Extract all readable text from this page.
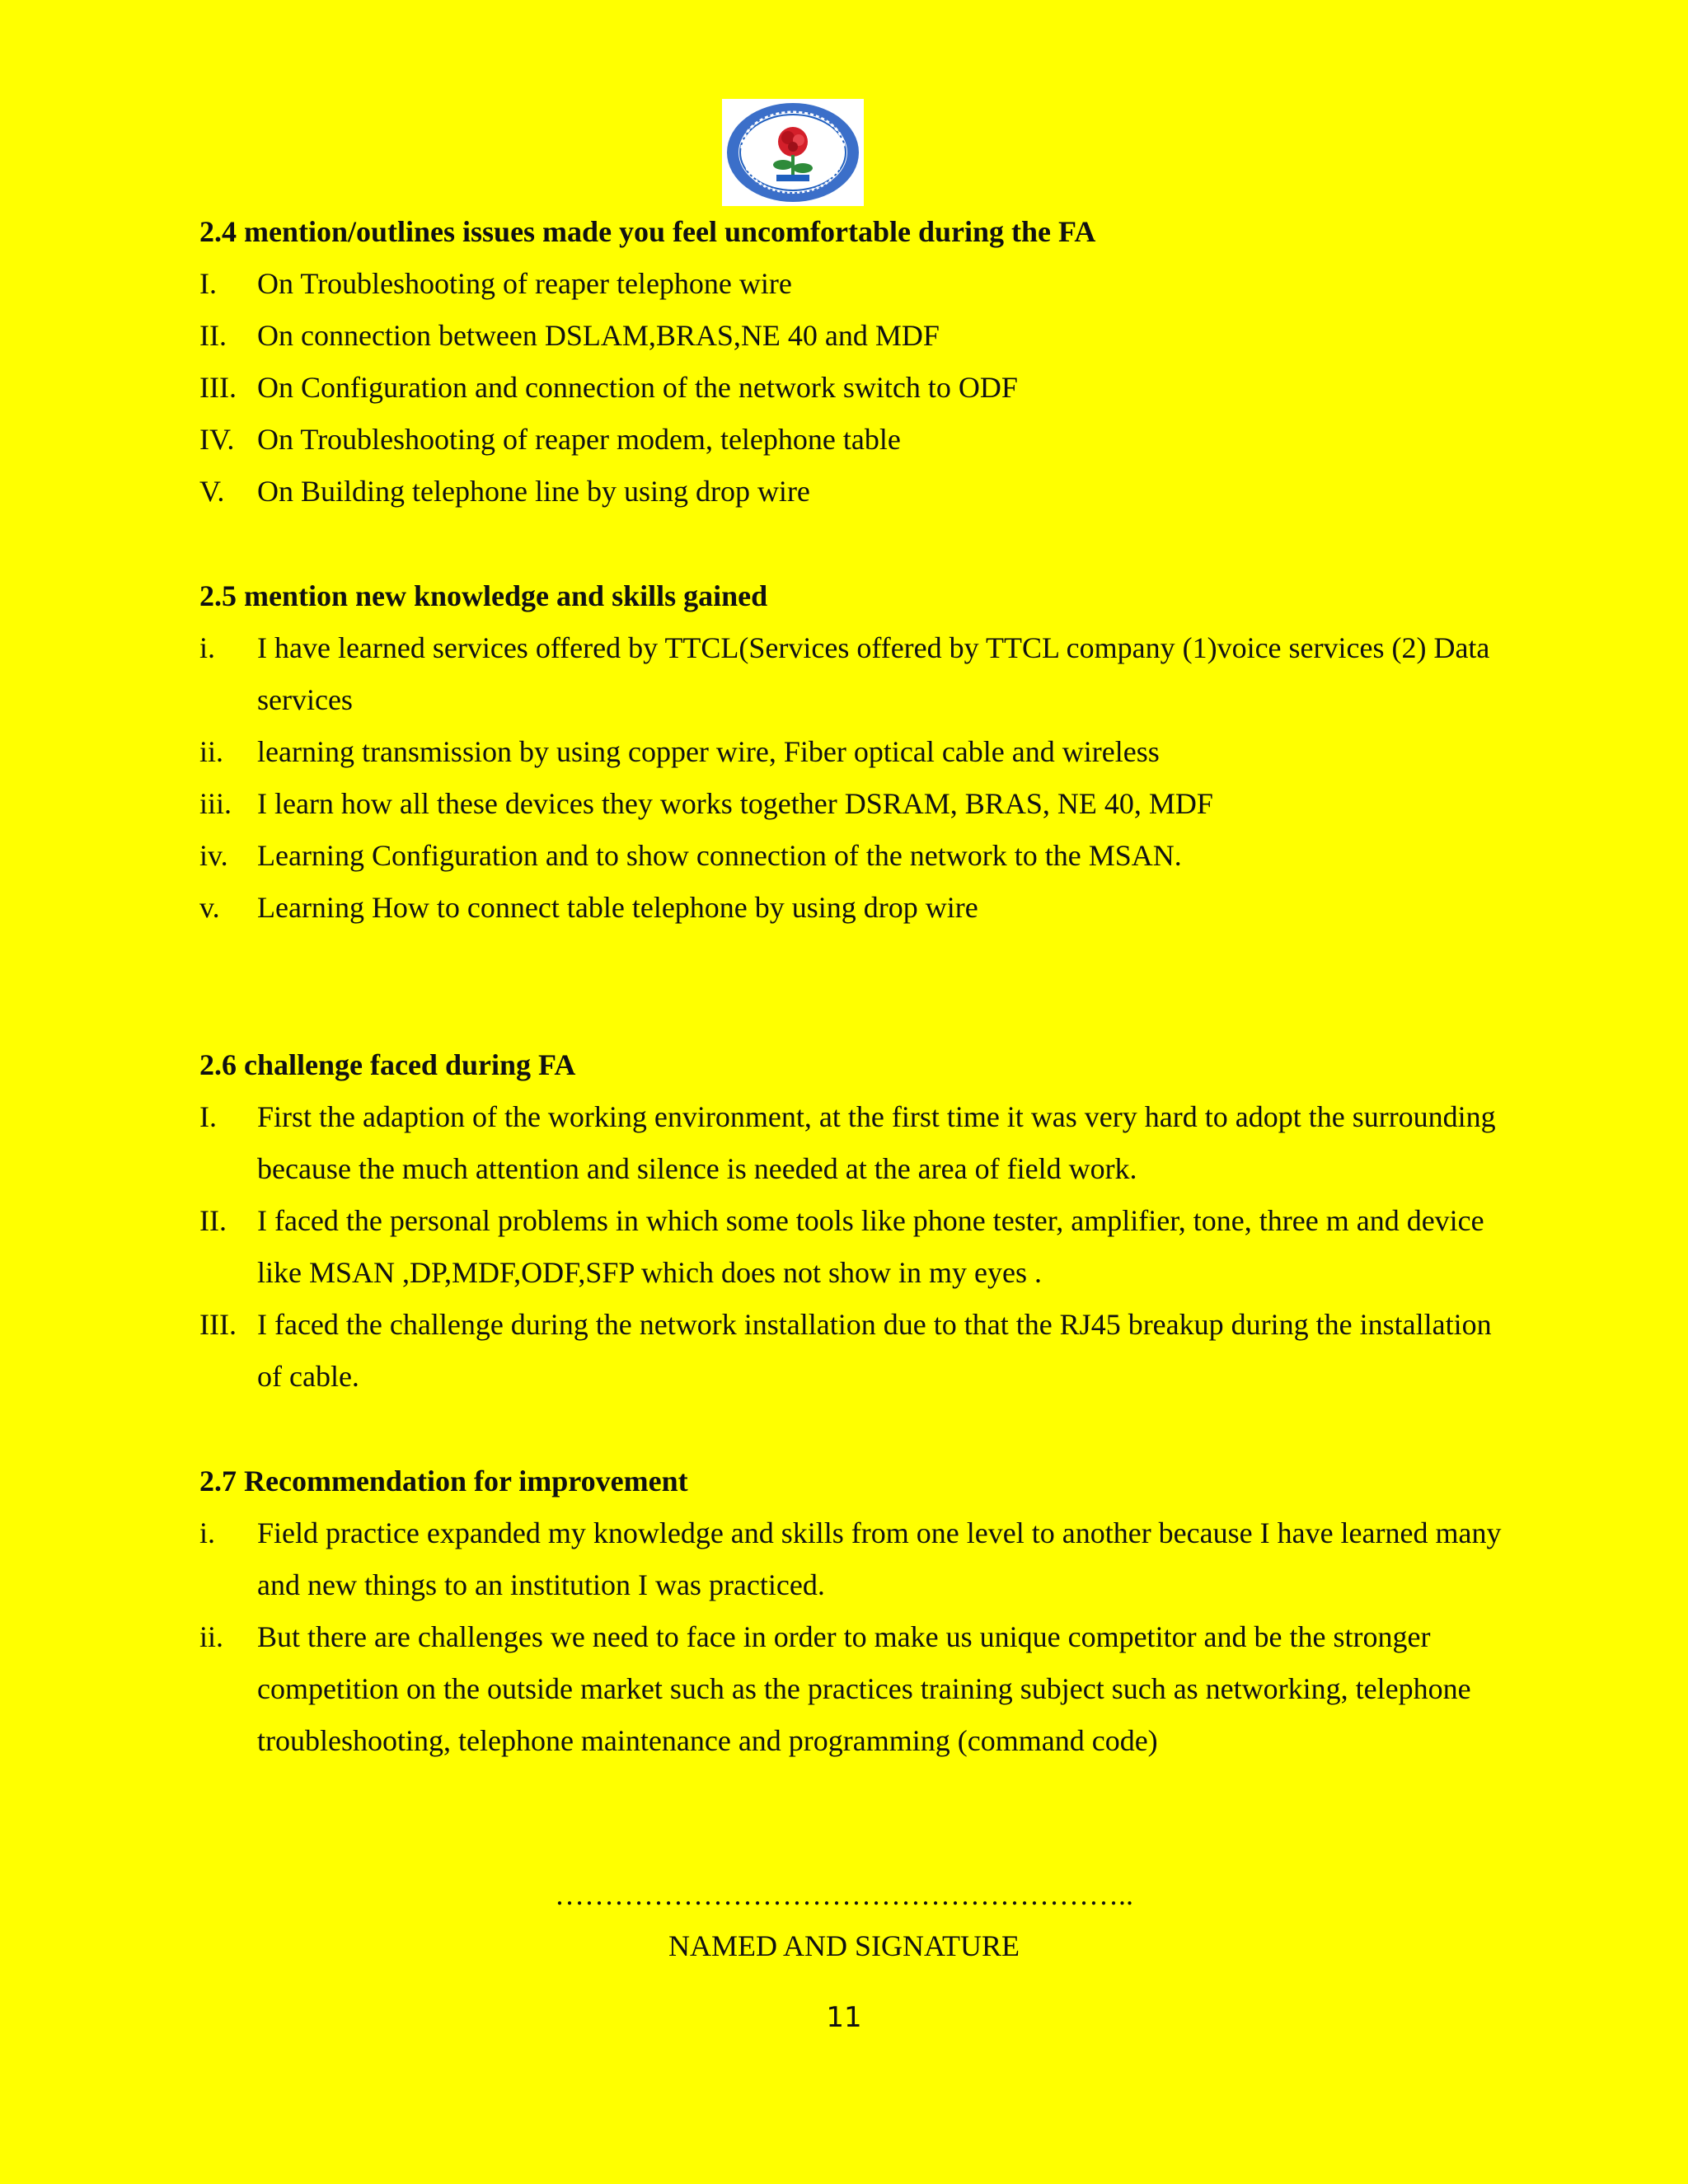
2.4 mention/outlines issues made you feel uncomfortable during the FA
I. On Troubleshooting of reaper telephone wire
II. On connection between DSLAM,BRAS,NE 40 and MDF
III. On Configuration and connection of the network switch to ODF
IV. On Troubleshooting of reaper modem, telephone table
V. On Building telephone line by using drop wire
2.5 mention new knowledge and skills gained
i. I have learned services offered by TTCL(Services offered by TTCL company (1)voice services (2) Data services
ii. learning transmission by using copper wire, Fiber optical cable and wireless
iii. I learn how all these devices they works together DSRAM, BRAS, NE 40, MDF
iv. Learning Configuration and to show connection of the network to the MSAN.
v. Learning How to connect table telephone by using drop wire
2.6 challenge faced during FA
I. First the adaption of the working environment, at the first time it was very hard to adopt the surrounding because the much attention and silence is needed at the area of field work.
II. I faced the personal problems in which some tools like phone tester, amplifier, tone, three m and device like MSAN ,DP,MDF,ODF,SFP which does not show in my eyes .
III. I faced the challenge during the network installation due to that the RJ45 breakup during the installation of cable.
2.7 Recommendation for improvement
i. Field practice expanded my knowledge and skills from one level to another because I have learned many and new things to an institution I was practiced.
ii. But there are challenges we need to face in order to make us unique competitor and be the stronger competition on the outside market such as the practices training subject such as networking, telephone troubleshooting, telephone maintenance and programming (command code)
…………………………………………………..
NAMED AND SIGNATURE
11
